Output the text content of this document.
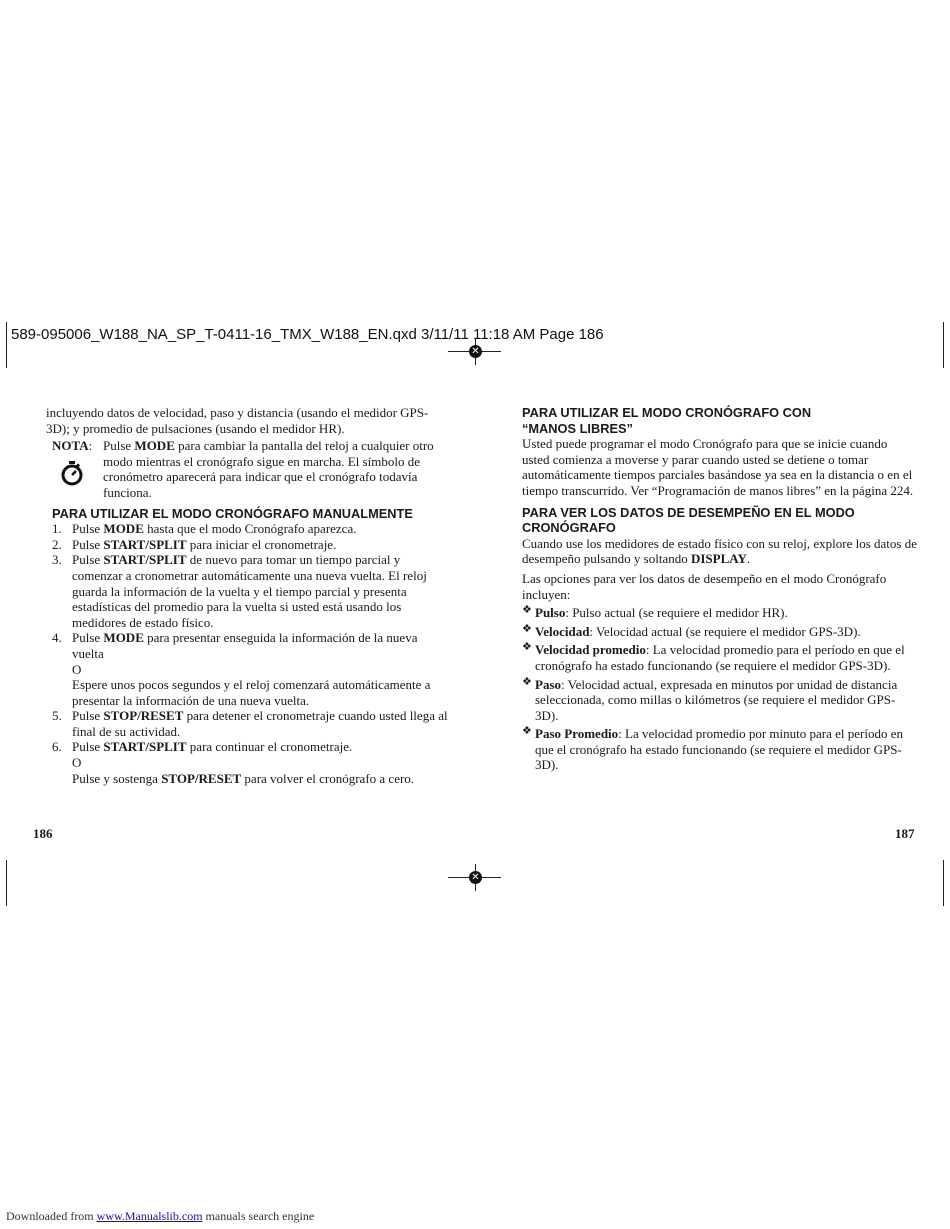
✕
✕
589-095006_W188_NA_SP_T-0411-16_TMX_W188_EN.qxd 3/11/11 11:18 AM Page 186

incluyendo datos de velocidad, paso y distancia (usando el medidor GPS-3D); y promedio de pulsaciones (usando el medidor HR).

NOTA: Pulse MODE para cambiar la pantalla del reloj a cualquier otro modo mientras el cronógrafo sigue en marcha. El símbolo de cronómetro aparecerá para indicar que el cronógrafo todavía funciona.

PARA UTILIZAR EL MODO CRONÓGRAFO MANUALMENTE
1. Pulse MODE hasta que el modo Cronógrafo aparezca.
2. Pulse START/SPLIT para iniciar el cronometraje.
3. Pulse START/SPLIT de nuevo para tomar un tiempo parcial y comenzar a cronometrar automáticamente una nueva vuelta. El reloj guarda la información de la vuelta y el tiempo parcial y presenta estadísticas del promedio para la vuelta si usted está usando los medidores de estado físico.
4. Pulse MODE para presentar enseguida la información de la nueva vuelta
O
Espere unos pocos segundos y el reloj comenzará automáticamente a presentar la información de una nueva vuelta.
5. Pulse STOP/RESET para detener el cronometraje cuando usted llega al final de su actividad.
6. Pulse START/SPLIT para continuar el cronometraje.
O
Pulse y sostenga STOP/RESET para volver el cronógrafo a cero.
186
PARA UTILIZAR EL MODO CRONÓGRAFO CON
“MANOS LIBRES”

Usted puede programar el modo Cronógrafo para que se inicie cuando usted comienza a moverse y parar cuando usted se detiene o tomar automáticamente tiempos parciales basándose ya sea en la distancia o en el tiempo transcurrido. Ver “Programación de manos libres” en la página 224.

PARA VER LOS DATOS DE DESEMPEÑO EN EL MODO
CRONÓGRAFO

Cuando use los medidores de estado físico con su reloj, explore los datos de desempeño pulsando y soltando DISPLAY.

Las opciones para ver los datos de desempeño en el modo Cronógrafo incluyen:

❖ Pulso: Pulso actual (se requiere el medidor HR).
❖ Velocidad: Velocidad actual (se requiere el medidor GPS-3D).
❖ Velocidad promedio: La velocidad promedio para el período en que el cronógrafo ha estado funcionando (se requiere el medidor GPS-3D).
❖ Paso: Velocidad actual, expresada en minutos por unidad de distancia seleccionada, como millas o kilómetros (se requiere el medidor GPS-3D).
❖ Paso Promedio: La velocidad promedio por minuto para el período en que el cronógrafo ha estado funcionando (se requiere el medidor GPS-3D).
187
Downloaded from www.Manualslib.com manuals search engine
